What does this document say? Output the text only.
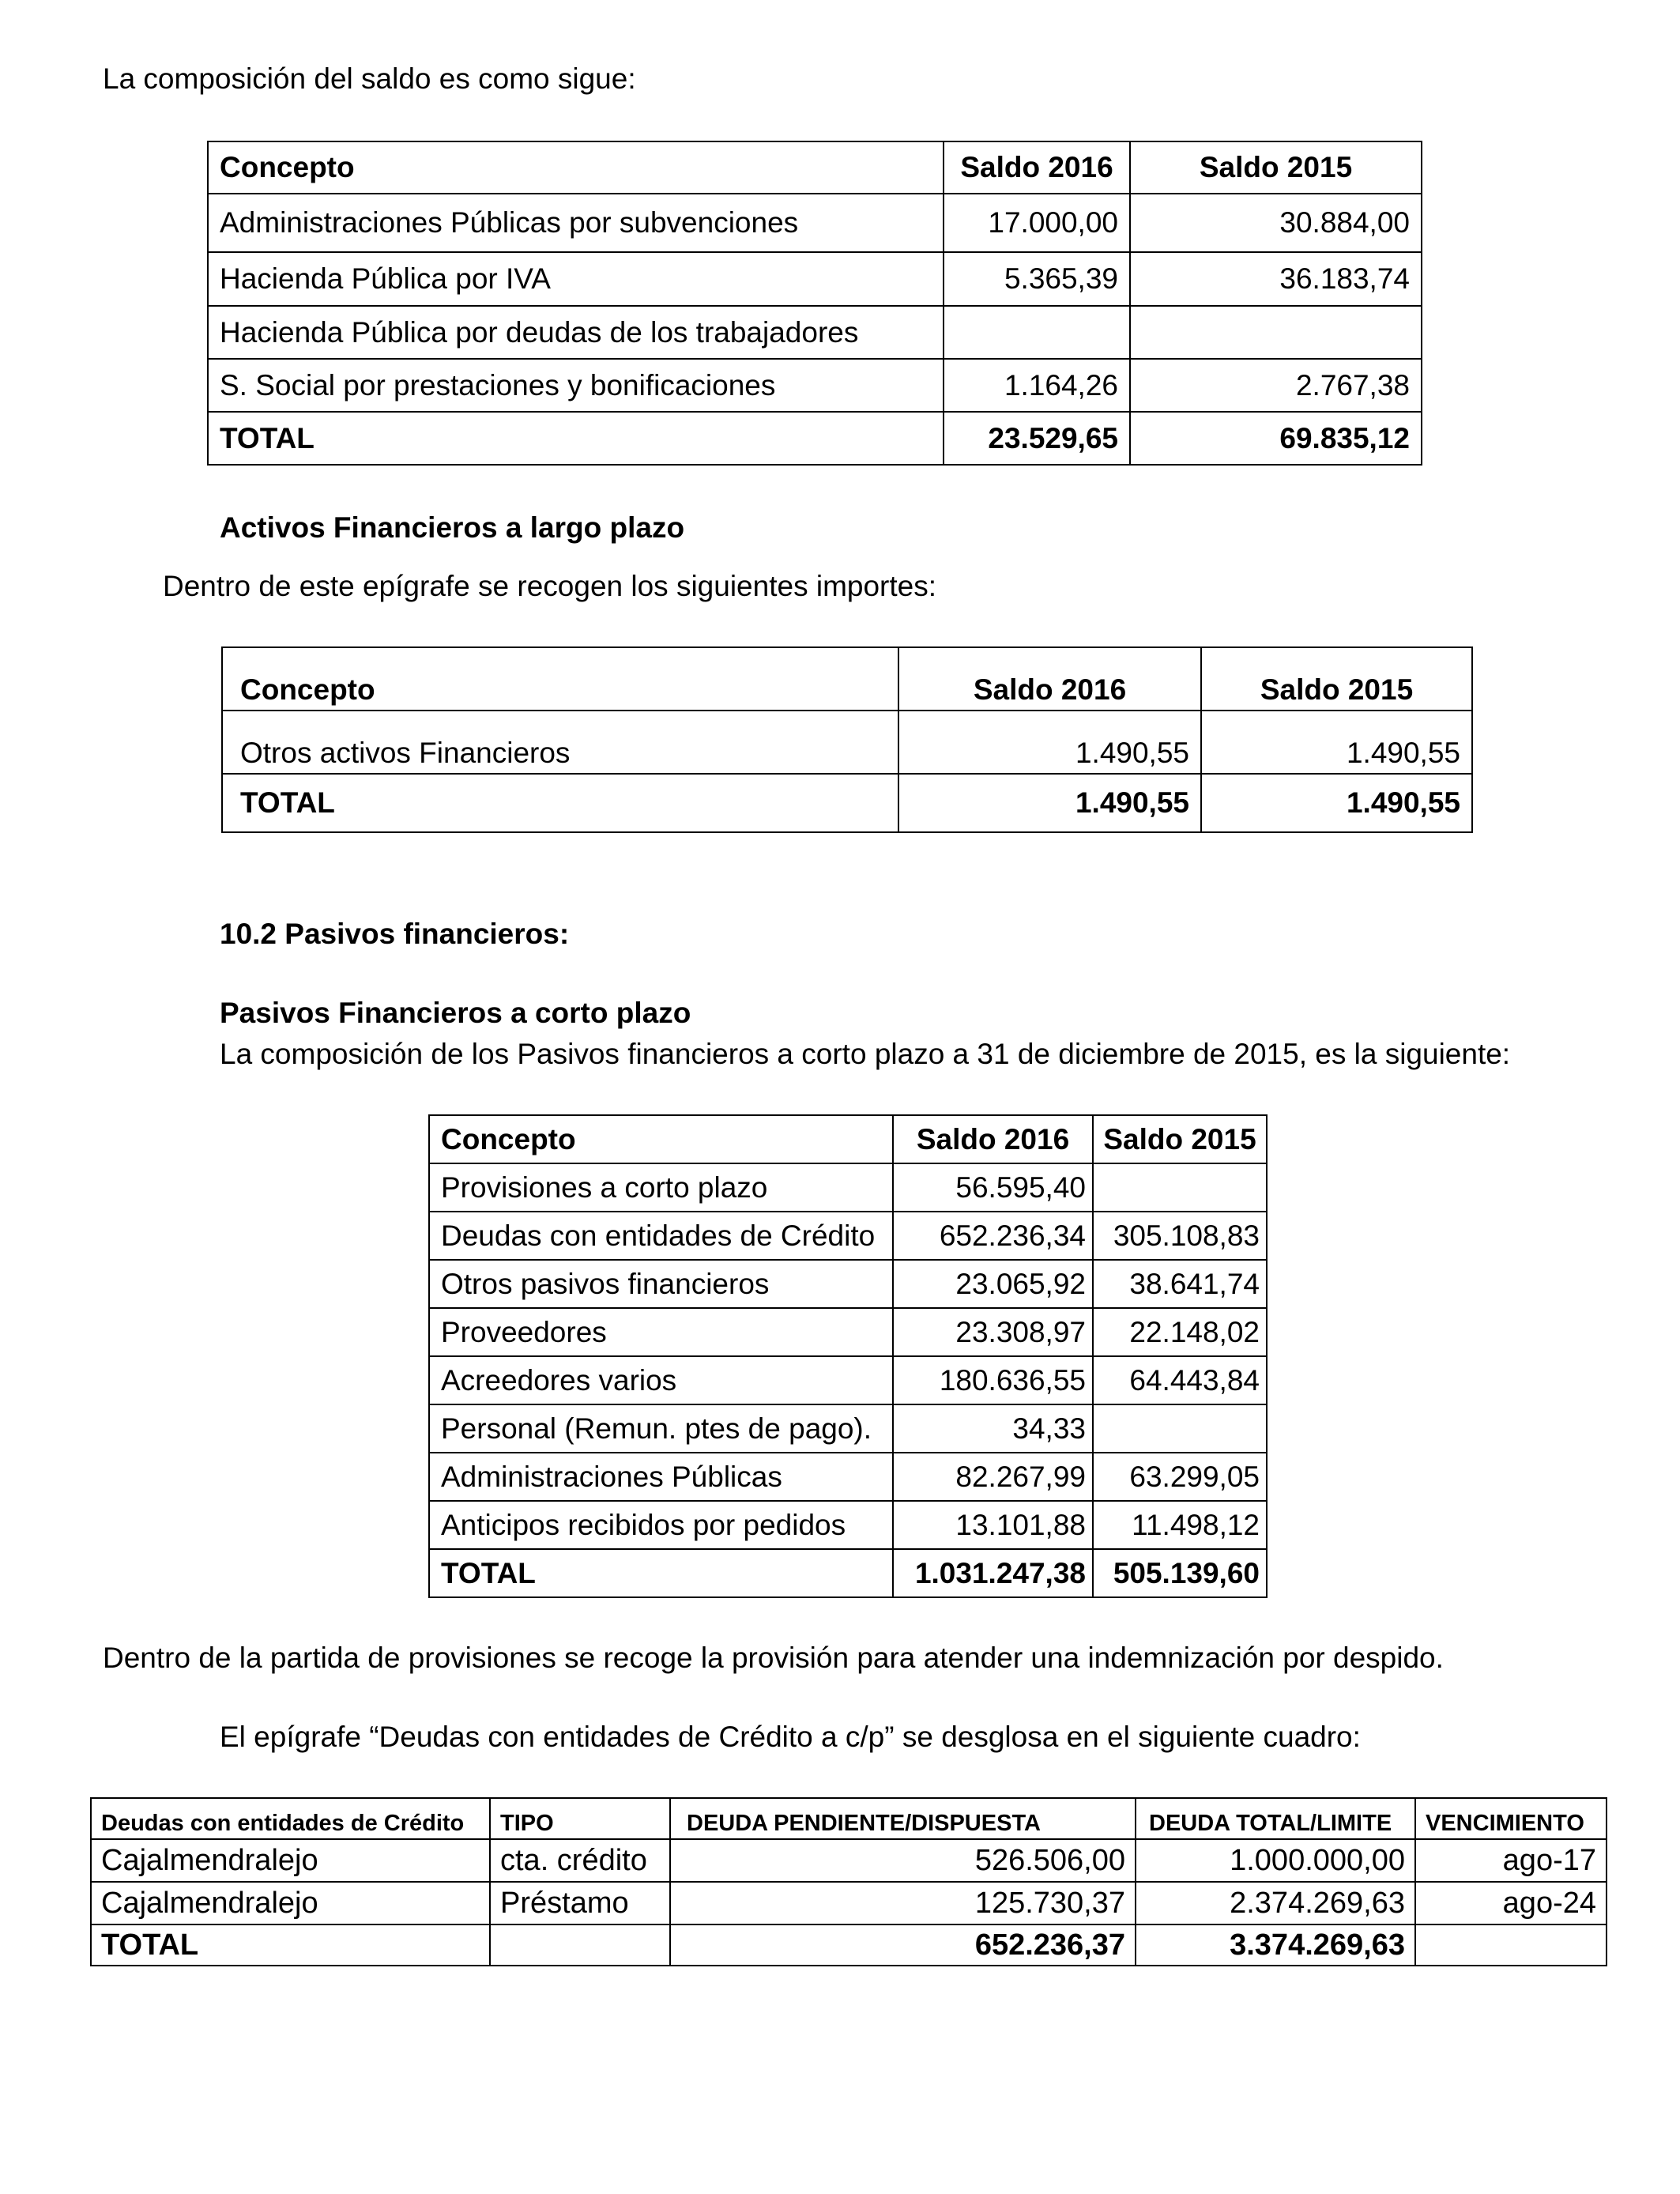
La composición del saldo es como sigue:
Concepto	Saldo 2016	Saldo 2015
Administraciones Públicas por subvenciones	17.000,00	30.884,00
Hacienda Pública por IVA	5.365,39	36.183,74
Hacienda Pública por deudas de los trabajadores		
S. Social por prestaciones y bonificaciones	1.164,26	2.767,38
TOTAL	23.529,65	69.835,12
Activos Financieros a largo plazo
Dentro de este epígrafe se recogen los siguientes importes:
Concepto	Saldo 2016	Saldo 2015
Otros activos Financieros	1.490,55	1.490,55
TOTAL	1.490,55	1.490,55
10.2 Pasivos financieros:
Pasivos Financieros a corto plazo
La composición de los Pasivos financieros a corto plazo a 31 de diciembre de 2015, es la siguiente:
Concepto	Saldo 2016	Saldo 2015
Provisiones a corto plazo	56.595,40	
Deudas con entidades de Crédito	652.236,34	305.108,83
Otros pasivos financieros	23.065,92	38.641,74
Proveedores	23.308,97	22.148,02
Acreedores varios	180.636,55	64.443,84
Personal (Remun. ptes de pago).	34,33	
Administraciones Públicas	82.267,99	63.299,05
Anticipos recibidos por pedidos	13.101,88	11.498,12
TOTAL	1.031.247,38	505.139,60
Dentro de la partida de provisiones se recoge la provisión para atender una indemnización por despido.
El epígrafe “Deudas con entidades de Crédito a c/p” se desglosa en el siguiente cuadro:
Deudas con entidades de Crédito	TIPO	DEUDA PENDIENTE/DISPUESTA	DEUDA TOTAL/LIMITE	VENCIMIENTO
Cajalmendralejo	cta. crédito	526.506,00	1.000.000,00	ago-17
Cajalmendralejo	Préstamo	125.730,37	2.374.269,63	ago-24
TOTAL		652.236,37	3.374.269,63	
